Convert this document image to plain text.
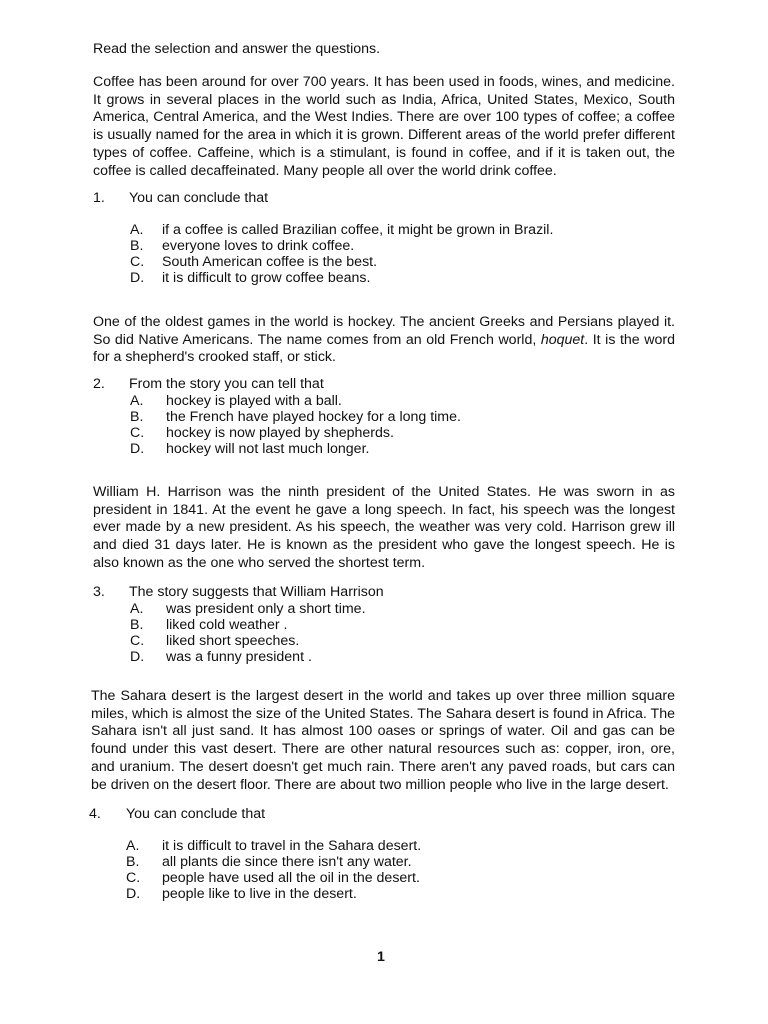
Read the selection and answer the questions.

Coffee has been around for over 700 years. It has been used in foods, wines, and medicine. It grows in several places in the world such as India, Africa, United States, Mexico, South America, Central America, and the West Indies. There are over 100 types of coffee; a coffee is usually named for the area in which it is grown. Different areas of the world prefer different types of coffee. Caffeine, which is a stimulant, is found in coffee, and if it is taken out, the coffee is called decaffeinated. Many people all over the world drink coffee.

1. You can conclude that
A. if a coffee is called Brazilian coffee, it might be grown in Brazil.
B. everyone loves to drink coffee.
C. South American coffee is the best.
D. it is difficult to grow coffee beans.

One of the oldest games in the world is hockey. The ancient Greeks and Persians played it. So did Native Americans. The name comes from an old French world, hoquet. It is the word for a shepherd's crooked staff, or stick.

2. From the story you can tell that
A. hockey is played with a ball.
B. the French have played hockey for a long time.
C. hockey is now played by shepherds.
D. hockey will not last much longer.

William H. Harrison was the ninth president of the United States. He was sworn in as president in 1841. At the event he gave a long speech. In fact, his speech was the longest ever made by a new president. As his speech, the weather was very cold. Harrison grew ill and died 31 days later. He is known as the president who gave the longest speech. He is also known as the one who served the shortest term.

3. The story suggests that William Harrison
A. was president only a short time.
B. liked cold weather .
C. liked short speeches.
D. was a funny president .

The Sahara desert is the largest desert in the world and takes up over three million square miles, which is almost the size of the United States. The Sahara desert is found in Africa. The Sahara isn't all just sand. It has almost 100 oases or springs of water. Oil and gas can be found under this vast desert. There are other natural resources such as: copper, iron, ore, and uranium. The desert doesn't get much rain. There aren't any paved roads, but cars can be driven on the desert floor. There are about two million people who live in the large desert.

4. You can conclude that
A. it is difficult to travel in the Sahara desert.
B. all plants die since there isn't any water.
C. people have used all the oil in the desert.
D. people like to live in the desert.
1
